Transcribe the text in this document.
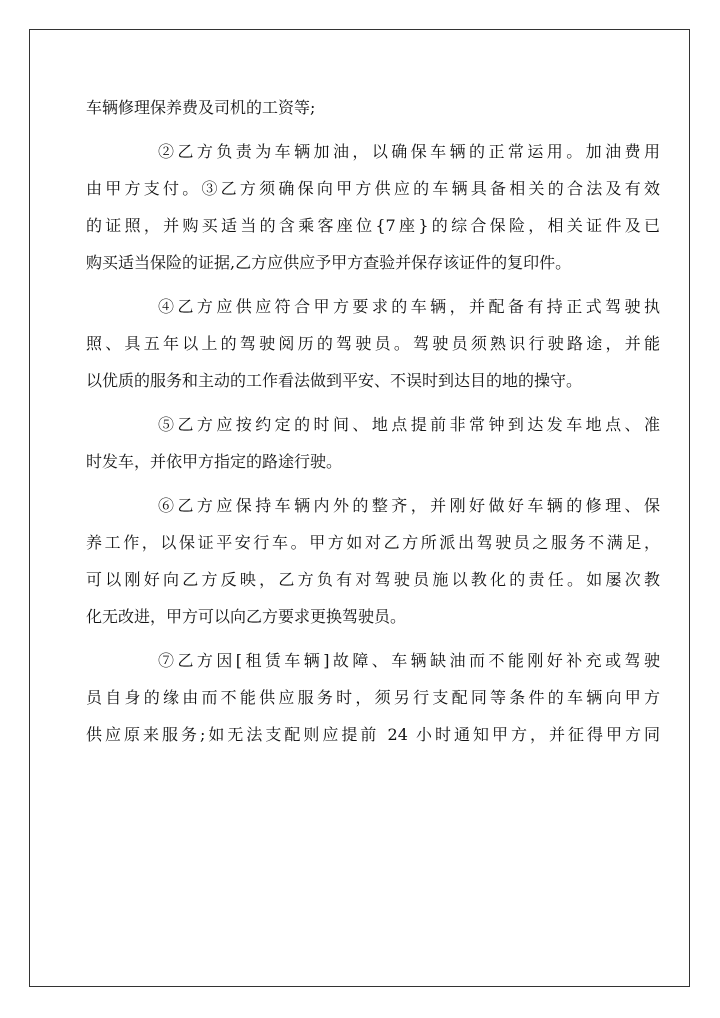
车辆修理保养费及司机的工资等;
②乙方负责为车辆加油，以确保车辆的正常运用。加油费用
由甲方支付。③乙方须确保向甲方供应的车辆具备相关的合法及有效
的证照，并购买适当的含乘客座位{7座}的综合保险，相关证件及已
购买适当保险的证据,乙方应供应予甲方查验并保存该证件的复印件。
④乙方应供应符合甲方要求的车辆，并配备有持正式驾驶执
照、具五年以上的驾驶阅历的驾驶员。驾驶员须熟识行驶路途，并能
以优质的服务和主动的工作看法做到平安、不误时到达目的地的操守。
⑤乙方应按约定的时间、地点提前非常钟到达发车地点、准
时发车，并依甲方指定的路途行驶。
⑥乙方应保持车辆内外的整齐，并刚好做好车辆的修理、保
养工作，以保证平安行车。甲方如对乙方所派出驾驶员之服务不满足，
可以刚好向乙方反映，乙方负有对驾驶员施以教化的责任。如屡次教
化无改进，甲方可以向乙方要求更换驾驶员。
⑦乙方因[租赁车辆]故障、车辆缺油而不能刚好补充或驾驶
员自身的缘由而不能供应服务时，须另行支配同等条件的车辆向甲方
供应原来服务;如无法支配则应提前 24 小时通知甲方，并征得甲方同
